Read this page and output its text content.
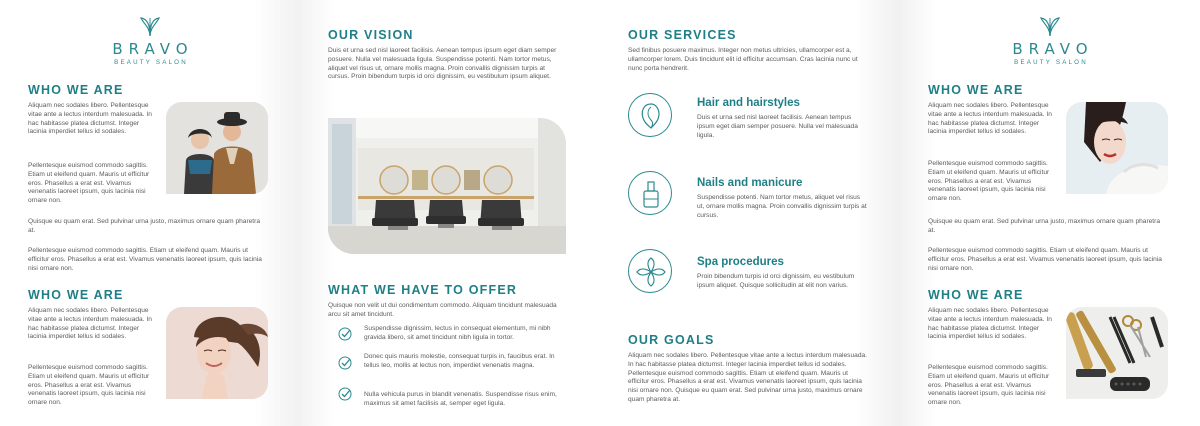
BRAVO
BEAUTY SALON
WHO WE ARE
Aliquam nec sodales libero. Pellentesque vitae ante a lectus interdum malesuada. In hac habitasse platea dictumst. Integer lacinia imperdiet tellus id sodales.
Pellentesque euismod commodo sagittis. Etiam ut eleifend quam. Mauris ut efficitur eros. Phasellus a erat est. Vivamus venenatis laoreet ipsum, quis lacinia nisi ornare non.
Quisque eu quam erat. Sed pulvinar urna justo, maximus ornare quam pharetra at.
Pellentesque euismod commodo sagittis. Etiam ut eleifend quam. Mauris ut efficitur eros. Phasellus a erat est. Vivamus venenatis laoreet ipsum, quis lacinia nisi ornare non.
WHO WE ARE
Aliquam nec sodales libero. Pellentesque vitae ante a lectus interdum malesuada. In hac habitasse platea dictumst. Integer lacinia imperdiet tellus id sodales.
Pellentesque euismod commodo sagittis. Etiam ut eleifend quam. Mauris ut efficitur eros. Phasellus a erat est. Vivamus venenatis laoreet ipsum, quis lacinia nisi ornare non.
OUR VISION
Duis et urna sed nisl laoreet facilisis. Aenean tempus ipsum eget diam semper posuere. Nulla vel malesuada ligula. Suspendisse potenti. Nam tortor metus, aliquet vel risus ut, ornare mollis magna. Proin convallis dignissim turpis at cursus. Proin bibendum turpis id orci dignissim, eu vestibulum ipsum aliquet.
WHAT WE HAVE TO OFFER
Quisque non velit ut dui condimentum commodo. Aliquam tincidunt malesuada arcu sit amet tincidunt.
Suspendisse dignissim, lectus in consequat elementum, mi nibh gravida libero, sit amet tincidunt nibh ligula in tortor.
Donec quis mauris molestie, consequat turpis in, faucibus erat. In tellus leo, mollis at lectus non, imperdiet venenatis magna.
Nulla vehicula purus in blandit venenatis. Suspendisse risus enim, maximus sit amet facilisis at, semper eget ligula.
OUR SERVICES
Sed finibus posuere maximus. Integer non metus ultricies, ullamcorper est a, ullamcorper lorem. Duis tincidunt elit id efficitur accumsan. Cras lacinia nunc ut nunc porta hendrerit.
Hair and hairstyles
Duis et urna sed nisl laoreet facilisis. Aenean tempus ipsum eget diam semper posuere. Nulla vel malesuada ligula.
Nails and manicure
Suspendisse potenti. Nam tortor metus, aliquet vel risus ut, ornare mollis magna. Proin convallis dignissim turpis at cursus.
Spa procedures
Proin bibendum turpis id orci dignissim, eu vestibulum ipsum aliquet. Quisque sollicitudin at elit non varius.
OUR GOALS
Aliquam nec sodales libero. Pellentesque vitae ante a lectus interdum malesuada. In hac habitasse platea dictumst. Integer lacinia imperdiet tellus id sodales. Pellentesque euismod commodo sagittis. Etiam ut eleifend quam. Mauris ut efficitur eros. Phasellus a erat est. Vivamus venenatis laoreet ipsum, quis lacinia nisi ornare non. Quisque eu quam erat. Sed pulvinar urna justo, maximus ornare quam pharetra at.
BRAVO
BEAUTY SALON
WHO WE ARE
Aliquam nec sodales libero. Pellentesque vitae ante a lectus interdum malesuada. In hac habitasse platea dictumst. Integer lacinia imperdiet tellus id sodales.
Pellentesque euismod commodo sagittis. Etiam ut eleifend quam. Mauris ut efficitur eros. Phasellus a erat est. Vivamus venenatis laoreet ipsum, quis lacinia nisi ornare non.
Quisque eu quam erat. Sed pulvinar urna justo, maximus ornare quam pharetra at.
Pellentesque euismod commodo sagittis. Etiam ut eleifend quam. Mauris ut efficitur eros. Phasellus a erat est. Vivamus venenatis laoreet ipsum, quis lacinia nisi ornare non.
WHO WE ARE
Aliquam nec sodales libero. Pellentesque vitae ante a lectus interdum malesuada. In hac habitasse platea dictumst. Integer lacinia imperdiet tellus id sodales.
Pellentesque euismod commodo sagittis. Etiam ut eleifend quam. Mauris ut efficitur eros. Phasellus a erat est. Vivamus venenatis laoreet ipsum, quis lacinia nisi ornare non.
